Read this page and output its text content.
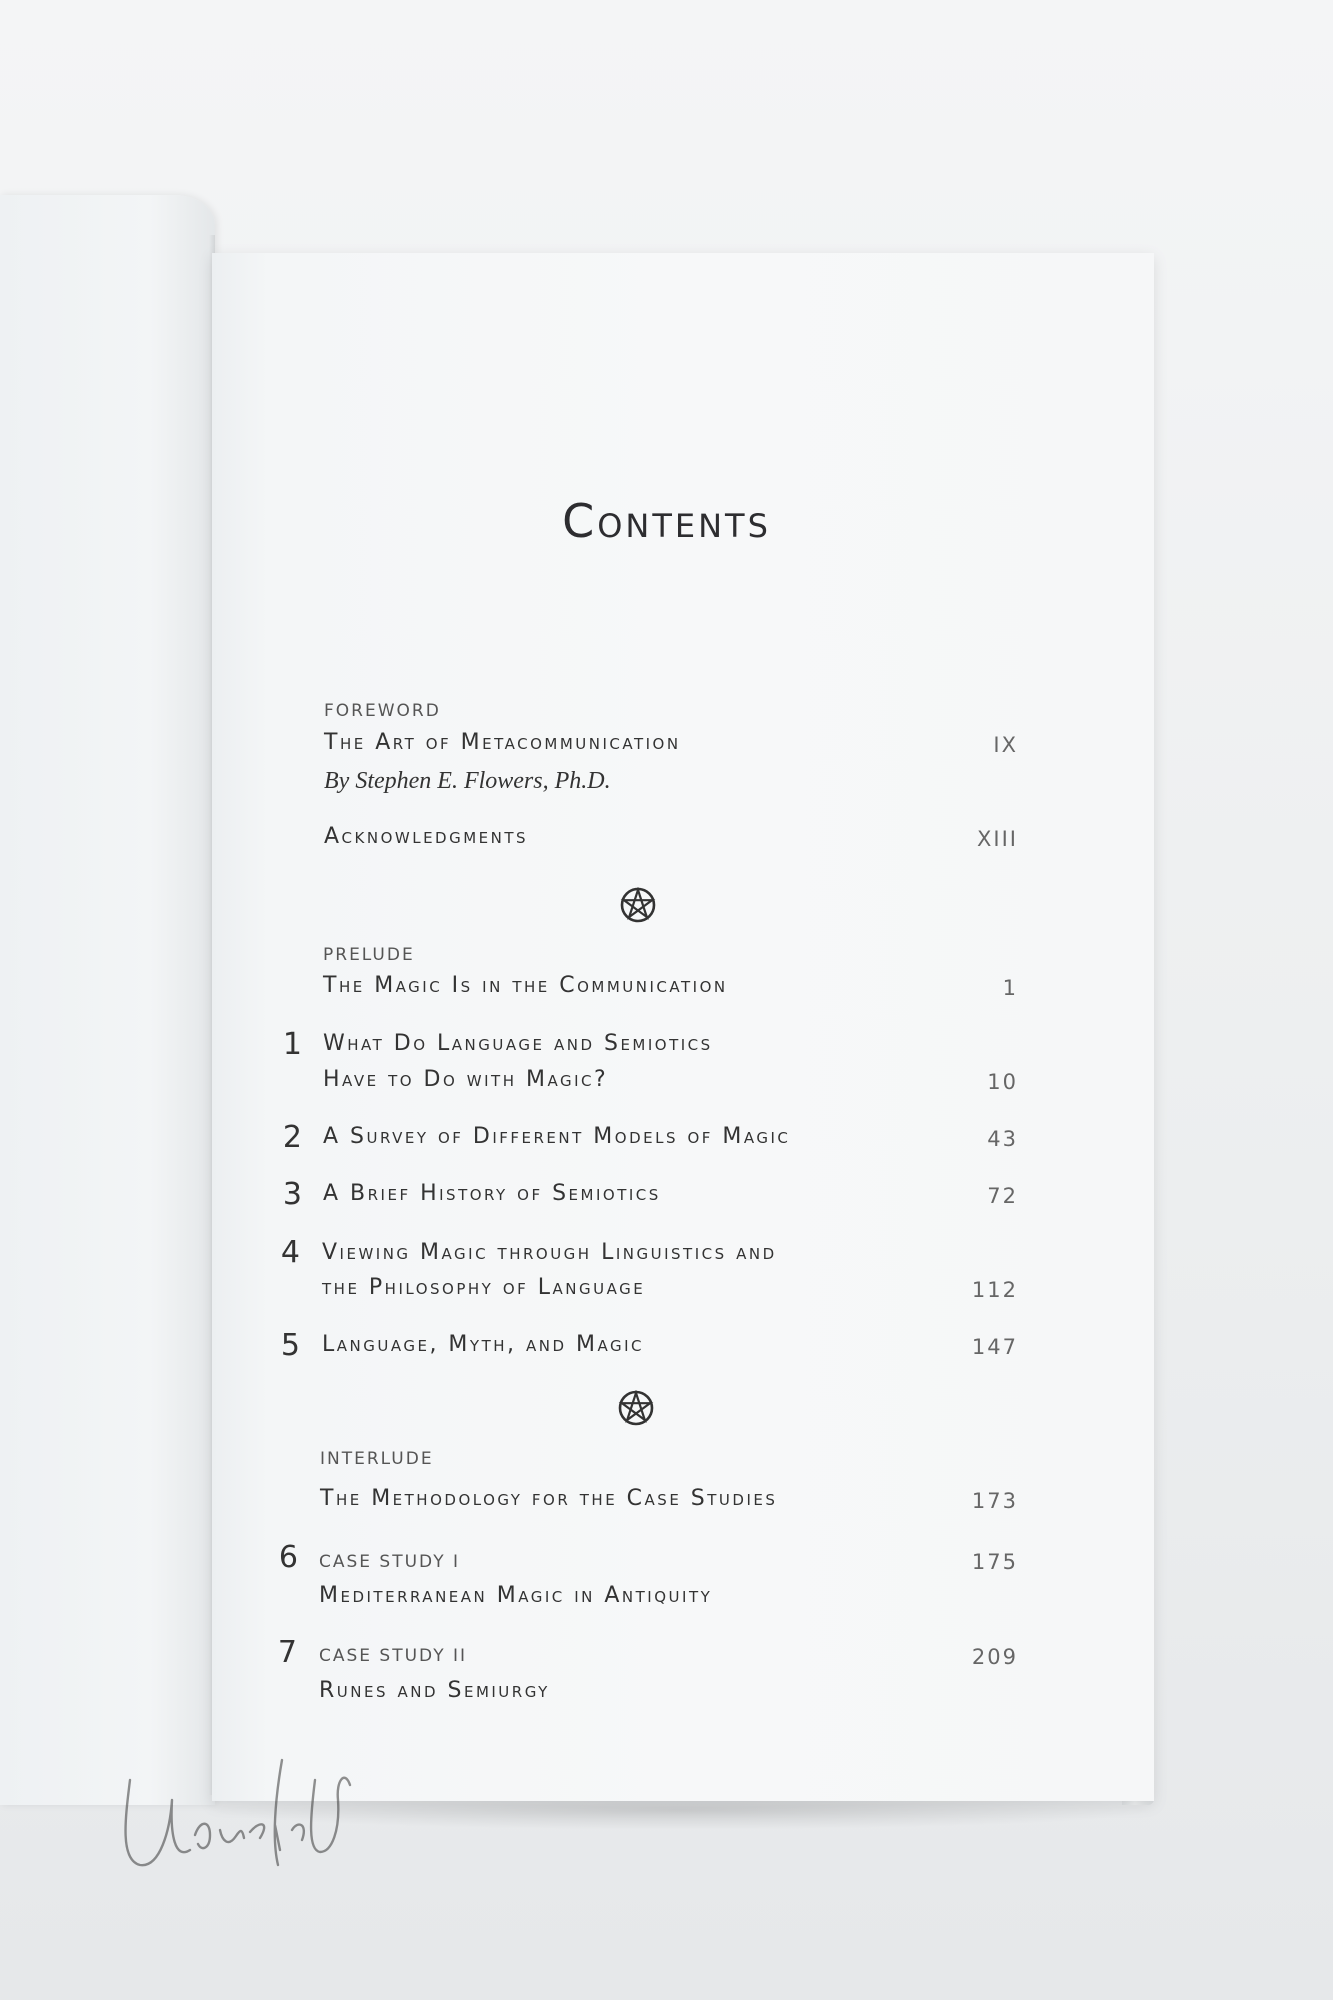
Contents
FOREWORD
The Art of Metacommunication	IX
By Stephen E. Flowers, Ph.D.
Acknowledgments	XIII
PRELUDE
The Magic Is in the Communication	1
1 What Do Language and Semiotics
Have to Do with Magic?	10
2 A Survey of Different Models of Magic	43
3 A Brief History of Semiotics	72
4 Viewing Magic through Linguistics and
the Philosophy of Language	112
5 Language, Myth, and Magic	147
INTERLUDE
The Methodology for the Case Studies	173
6 CASE STUDY I	175
Mediterranean Magic in Antiquity
7 CASE STUDY II	209
Runes and Semiurgy
